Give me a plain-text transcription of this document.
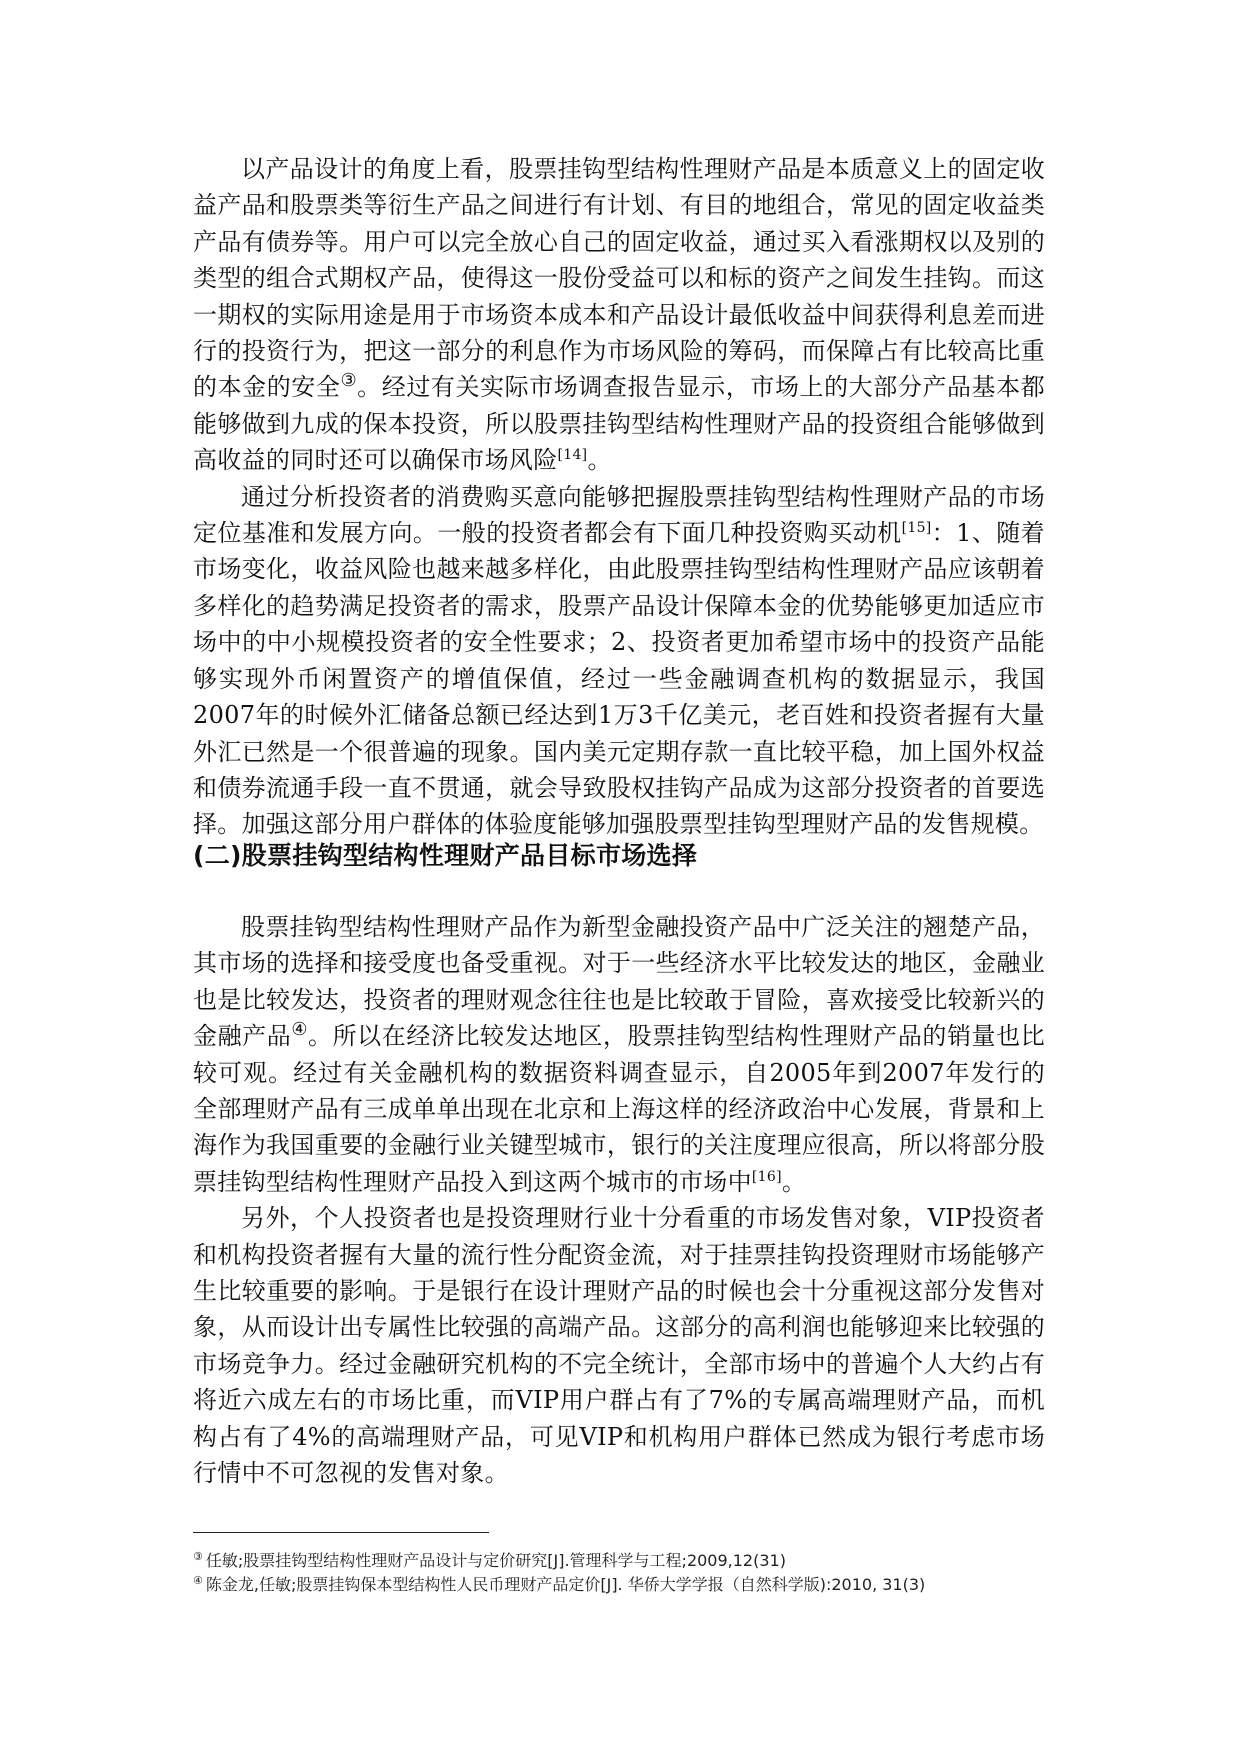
以产品设计的角度上看，股票挂钩型结构性理财产品是本质意义上的固定收益产品和股票类等衍生产品之间进行有计划、有目的地组合，常见的固定收益类产品有债券等。用户可以完全放心自己的固定收益，通过买入看涨期权以及别的类型的组合式期权产品，使得这一股份受益可以和标的资产之间发生挂钩。而这一期权的实际用途是用于市场资本成本和产品设计最低收益中间获得利息差而进行的投资行为，把这一部分的利息作为市场风险的筹码，而保障占有比较高比重的本金的安全③。经过有关实际市场调查报告显示，市场上的大部分产品基本都能够做到九成的保本投资，所以股票挂钩型结构性理财产品的投资组合能够做到高收益的同时还可以确保市场风险[14]。

通过分析投资者的消费购买意向能够把握股票挂钩型结构性理财产品的市场定位基准和发展方向。一般的投资者都会有下面几种投资购买动机[15]：1、随着市场变化，收益风险也越来越多样化，由此股票挂钩型结构性理财产品应该朝着多样化的趋势满足投资者的需求，股票产品设计保障本金的优势能够更加适应市场中的中小规模投资者的安全性要求；2、投资者更加希望市场中的投资产品能够实现外币闲置资产的增值保值，经过一些金融调查机构的数据显示，我国2007年的时候外汇储备总额已经达到1万3千亿美元，老百姓和投资者握有大量外汇已然是一个很普遍的现象。国内美元定期存款一直比较平稳，加上国外权益和债券流通手段一直不贯通，就会导致股权挂钩产品成为这部分投资者的首要选择。加强这部分用户群体的体验度能够加强股票型挂钩型理财产品的发售规模。

(二)股票挂钩型结构性理财产品目标市场选择

股票挂钩型结构性理财产品作为新型金融投资产品中广泛关注的翘楚产品，其市场的选择和接受度也备受重视。对于一些经济水平比较发达的地区，金融业也是比较发达，投资者的理财观念往往也是比较敢于冒险，喜欢接受比较新兴的金融产品④。所以在经济比较发达地区，股票挂钩型结构性理财产品的销量也比较可观。经过有关金融机构的数据资料调查显示，自2005年到2007年发行的全部理财产品有三成单单出现在北京和上海这样的经济政治中心发展，背景和上海作为我国重要的金融行业关键型城市，银行的关注度理应很高，所以将部分股票挂钩型结构性理财产品投入到这两个城市的市场中[16]。

另外，个人投资者也是投资理财行业十分看重的市场发售对象，VIP投资者和机构投资者握有大量的流行性分配资金流，对于挂票挂钩投资理财市场能够产生比较重要的影响。于是银行在设计理财产品的时候也会十分重视这部分发售对象，从而设计出专属性比较强的高端产品。这部分的高利润也能够迎来比较强的市场竞争力。经过金融研究机构的不完全统计，全部市场中的普遍个人大约占有将近六成左右的市场比重，而VIP用户群占有了7%的专属高端理财产品，而机构占有了4%的高端理财产品，可见VIP和机构用户群体已然成为银行考虑市场行情中不可忽视的发售对象。

③ 任敏;股票挂钩型结构性理财产品设计与定价研究[J].管理科学与工程;2009,12(31)
④ 陈金龙,任敏;股票挂钩保本型结构性人民币理财产品定价[J]. 华侨大学学报（自然科学版):2010, 31(3)
